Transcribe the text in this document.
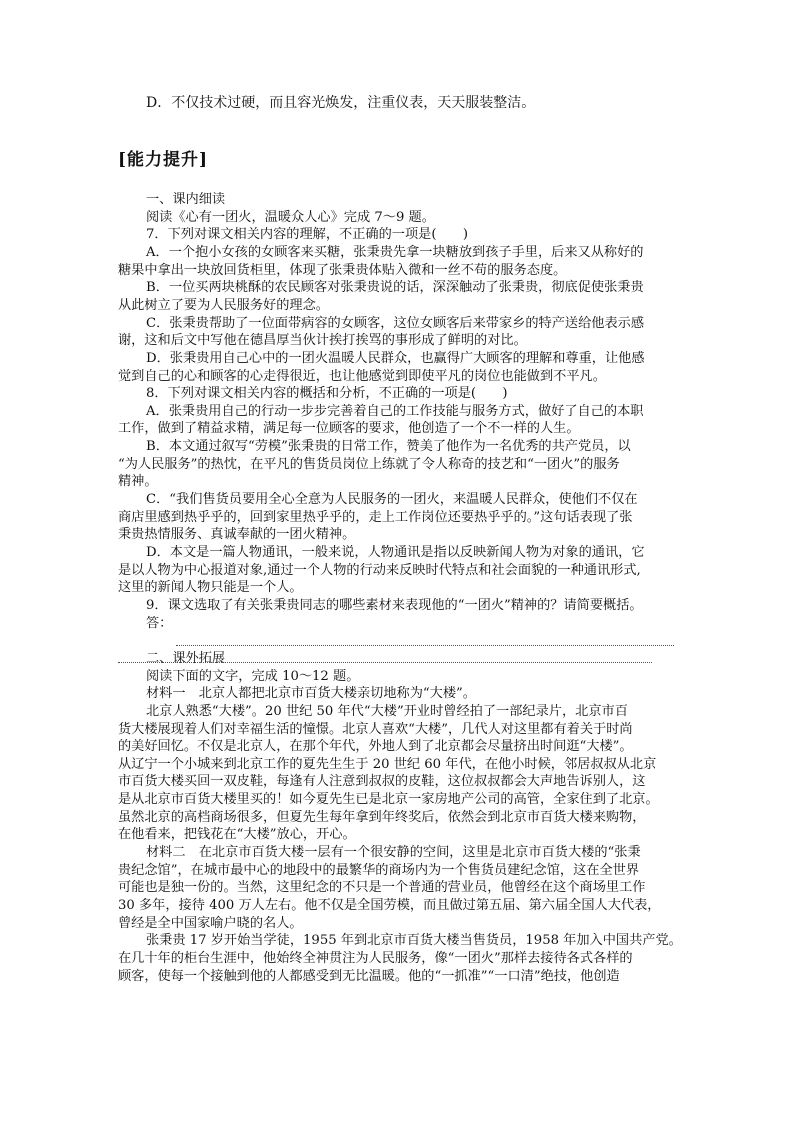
D．不仅技术过硬，而且容光焕发，注重仪表，天天服装整洁。
[能力提升]
一、课内细读
阅读《心有一团火，温暖众人心》完成 7～9 题。
7．下列对课文相关内容的理解，不正确的一项是(　　)
A．一个抱小女孩的女顾客来买糖，张秉贵先拿一块糖放到孩子手里，后来又从称好的
糖果中拿出一块放回货柜里，体现了张秉贵体贴入微和一丝不苟的服务态度。
B．一位买两块桃酥的农民顾客对张秉贵说的话，深深触动了张秉贵，彻底促使张秉贵
从此树立了要为人民服务好的理念。
C．张秉贵帮助了一位面带病容的女顾客，这位女顾客后来带家乡的特产送给他表示感
谢，这和后文中写他在德昌厚当伙计挨打挨骂的事形成了鲜明的对比。
D．张秉贵用自己心中的一团火温暖人民群众，也赢得广大顾客的理解和尊重，让他感
觉到自己的心和顾客的心走得很近，也让他感觉到即使平凡的岗位也能做到不平凡。
8．下列对课文相关内容的概括和分析，不正确的一项是(　　)
A．张秉贵用自己的行动一步步完善着自己的工作技能与服务方式，做好了自己的本职
工作，做到了精益求精，满足每一位顾客的要求，他创造了一个不一样的人生。
B．本文通过叙写“劳模”张秉贵的日常工作，赞美了他作为一名优秀的共产党员，以
“为人民服务”的热忱，在平凡的售货员岗位上练就了令人称奇的技艺和“一团火”的服务
精神。
C．“我们售货员要用全心全意为人民服务的一团火，来温暖人民群众，使他们不仅在
商店里感到热乎乎的，回到家里热乎乎的，走上工作岗位还要热乎乎的。”这句话表现了张
秉贵热情服务、真诚奉献的一团火精神。
D．本文是一篇人物通讯，一般来说，人物通讯是指以反映新闻人物为对象的通讯，它
是以人物为中心报道对象,通过一个人物的行动来反映时代特点和社会面貌的一种通讯形式,
这里的新闻人物只能是一个人。
9．课文选取了有关张秉贵同志的哪些素材来表现他的“一团火”精神的？请简要概括。
答：
二、课外拓展
阅读下面的文字，完成 10～12 题。
材料一　北京人都把北京市百货大楼亲切地称为“大楼”。
北京人熟悉“大楼”。20 世纪 50 年代“大楼”开业时曾经拍了一部纪录片，北京市百
货大楼展现着人们对幸福生活的憧憬。北京人喜欢“大楼”，几代人对这里都有着关于时尚
的美好回忆。不仅是北京人，在那个年代，外地人到了北京都会尽量挤出时间逛“大楼”。
从辽宁一个小城来到北京工作的夏先生生于 20 世纪 60 年代，在他小时候，邻居叔叔从北京
市百货大楼买回一双皮鞋，每逢有人注意到叔叔的皮鞋，这位叔叔都会大声地告诉别人，这
是从北京市百货大楼里买的！如今夏先生已是北京一家房地产公司的高管，全家住到了北京。
虽然北京的高档商场很多，但夏先生每年拿到年终奖后，依然会到北京市百货大楼来购物，
在他看来，把钱花在“大楼”放心，开心。
材料二　在北京市百货大楼一层有一个很安静的空间，这里是北京市百货大楼的“张秉
贵纪念馆”，在城市最中心的地段中的最繁华的商场内为一个售货员建纪念馆，这在全世界
可能也是独一份的。当然，这里纪念的不只是一个普通的营业员，他曾经在这个商场里工作
30 多年，接待 400 万人左右。他不仅是全国劳模，而且做过第五届、第六届全国人大代表，
曾经是全中国家喻户晓的名人。
张秉贵 17 岁开始当学徒，1955 年到北京市百货大楼当售货员，1958 年加入中国共产党。
在几十年的柜台生涯中，他始终全神贯注为人民服务，像“一团火”那样去接待各式各样的
顾客，使每一个接触到他的人都感受到无比温暖。他的“一抓准”“一口清”绝技，他创造
